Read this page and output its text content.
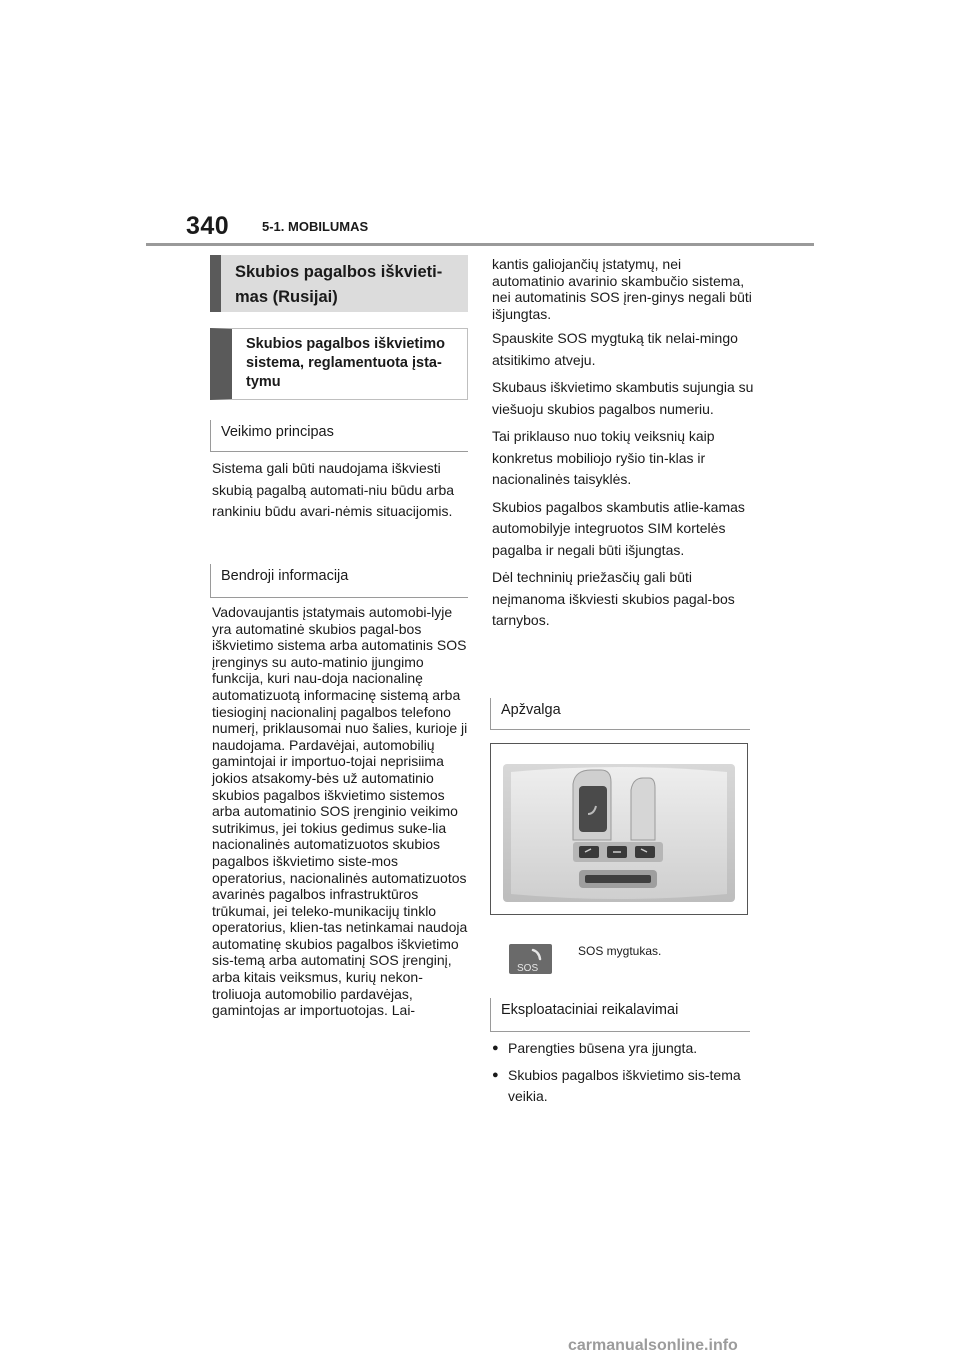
340	5-1. MOBILUMAS
Skubios pagalbos iškvieti-mas (Rusijai)
Skubios pagalbos iškvietimo sistema, reglamentuota įsta-tymu
Veikimo principas
Sistema gali būti naudojama iškviesti skubią pagalbą automati-niu būdu arba rankiniu būdu avari-nėmis situacijomis.
Bendroji informacija
Vadovaujantis įstatymais automobi-lyje yra automatinė skubios pagal-bos iškvietimo sistema arba automatinis SOS įrenginys su auto-matinio įjungimo funkcija, kuri nau-doja nacionalinę automatizuotą informacinę sistemą arba tiesioginį nacionalinį pagalbos telefono numerį, priklausomai nuo šalies, kurioje ji naudojama. Pardavėjai, automobilių gamintojai ir importuo-tojai neprisiima jokios atsakomy-bės už automatinio skubios pagalbos iškvietimo sistemos arba automatinio SOS įrenginio veikimo sutrikimus, jei tokius gedimus suke-lia nacionalinės automatizuotos skubios pagalbos iškvietimo siste-mos operatorius, nacionalinės automatizuotos avarinės pagalbos infrastruktūros trūkumai, jei teleko-munikacijų tinklo operatorius, klien-tas netinkamai naudoja automatinę skubios pagalbos iškvietimo sis-temą arba automatinį SOS įrenginį, arba kitais veiksmus, kurių nekon-troliuoja automobilio pardavėjas, gamintojas ar importuotojas. Lai-

kantis galiojančių įstatymų, nei automatinio avarinio skambučio sistema, nei automatinis SOS įren-ginys negali būti išjungtas.

Spauskite SOS mygtuką tik nelai-mingo atsitikimo atveju.

Skubaus iškvietimo skambutis sujungia su viešuoju skubios pagalbos numeriu.

Tai priklauso nuo tokių veiksnių kaip konkretus mobiliojo ryšio tin-klas ir nacionalinės taisyklės.

Skubios pagalbos skambutis atlie-kamas automobilyje integruotos SIM kortelės pagalba ir negali būti išjungtas.

Dėl techninių priežasčių gali būti neįmanoma iškviesti skubios pagal-bos tarnybos.

Apžvalga
SOS
SOS mygtukas.
Eksploataciniai reikalavimai
● Parengties būsena yra įjungta.
● Skubios pagalbos iškvietimo sis-tema veikia.
carmanualsonline.info
